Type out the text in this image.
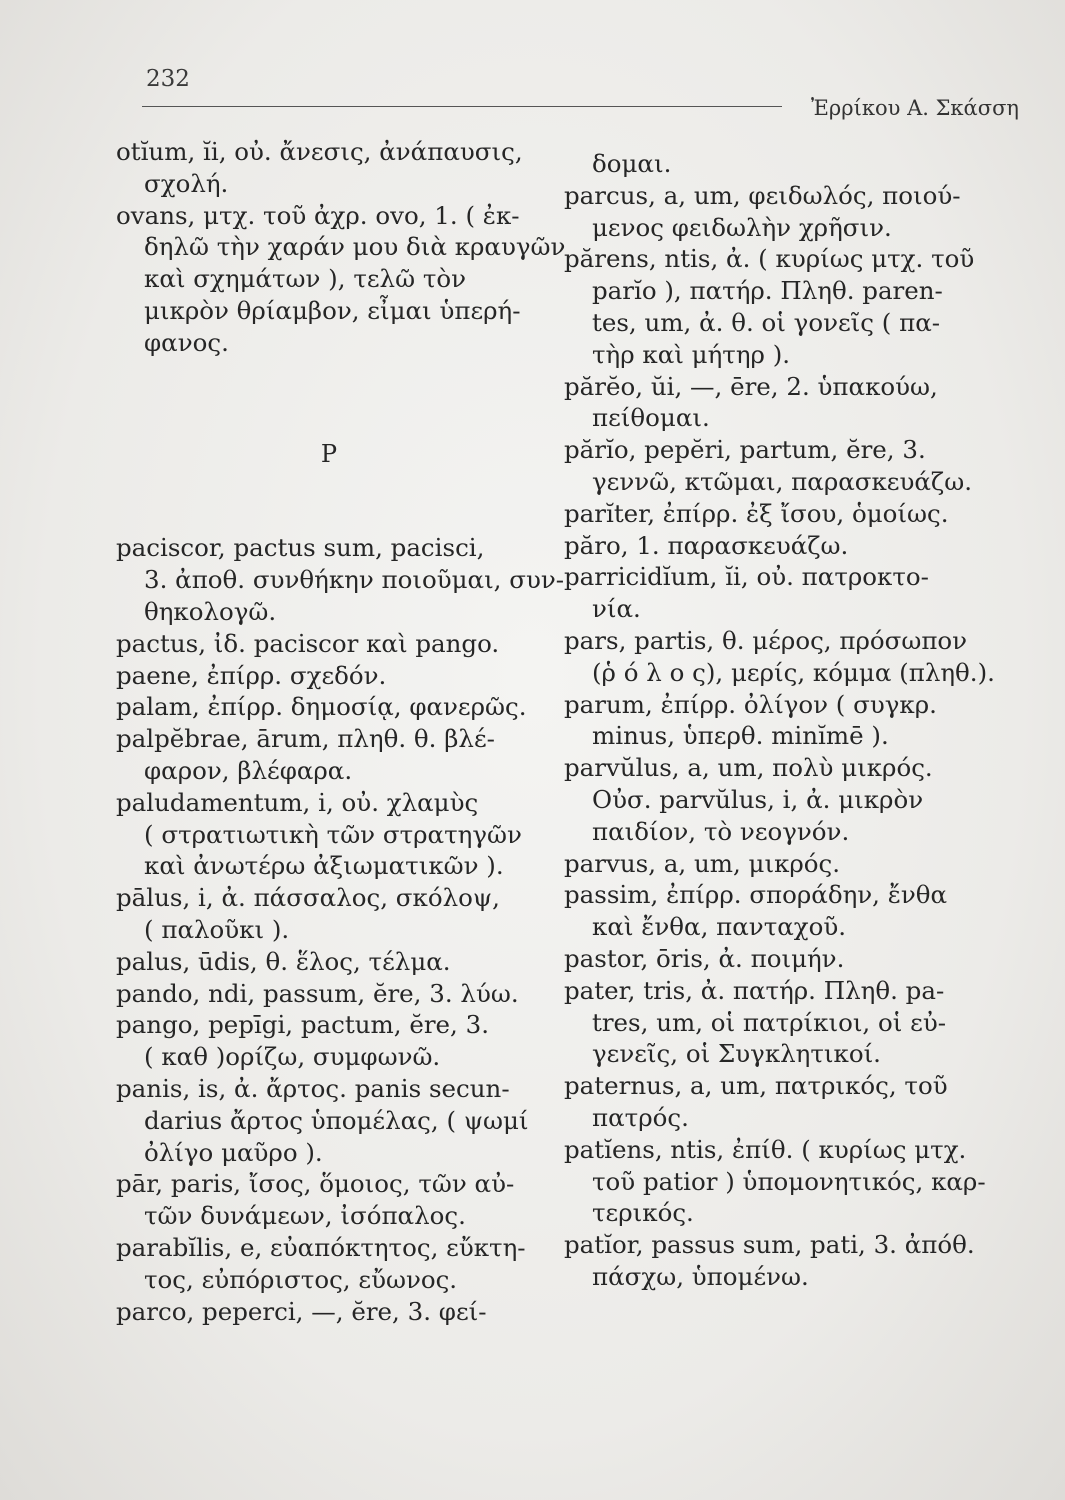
232
Ἐρρίκου Α. Σκάσση
otĭum, ĭi, οὐ. ἄνεσις, ἀνάπαυσις,
σχολή.
ovans, μτχ. τοῦ ἀχρ. ovo, 1. ( ἐκ-
δηλῶ τὴν χαράν μου διὰ κραυγῶν
καὶ σχημάτων ), τελῶ τὸν
μικρὸν θρίαμβον, εἶμαι ὑπερή-
φανος.
P
paciscor, pactus sum, pacisci,
3. ἀποθ. συνθήκην ποιοῦμαι, συν-
θηκολογῶ.
pactus, ἰδ. paciscor καὶ pango.
paene, ἐπίρρ. σχεδόν.
palam, ἐπίρρ. δημοσίᾳ, φανερῶς.
palpĕbrae, ārum, πληθ. θ. βλέ-
φαρον, βλέφαρα.
paludamentum, i, οὐ. χλαμὺς
( στρατιωτικὴ τῶν στρατηγῶν
καὶ ἀνωτέρω ἀξιωματικῶν ).
pālus, i, ἀ. πάσσαλος, σκόλοψ,
( παλοῦκι ).
palus, ūdis, θ. ἕλος, τέλμα.
pando, ndi, passum, ĕre, 3. λύω.
pango, pepīgi, pactum, ĕre, 3.
( καθ )ορίζω, συμφωνῶ.
panis, is, ἀ. ἄρτος. panis secun-
darius ἄρτος ὑπομέλας, ( ψωμί
ὀλίγο μαῦρο ).
pār, paris, ἴσος, ὅμοιος, τῶν αὐ-
τῶν δυνάμεων, ἰσόπαλος.
parabĭlis, e, εὐαπόκτητος, εὔκτη-
τος, εὐπόριστος, εὔωνος.
parco, peperci, —, ĕre, 3. φεί-
δομαι.
parcus, a, um, φειδωλός, ποιού-
μενος φειδωλὴν χρῆσιν.
părens, ntis, ἀ. ( κυρίως μτχ. τοῦ
parĭo ), πατήρ. Πληθ. paren-
tes, um, ἀ. θ. οἱ γονεῖς ( πα-
τὴρ καὶ μήτηρ ).
părĕo, ŭi, —, ēre, 2. ὑπακούω,
πείθομαι.
părĭo, pepĕri, partum, ĕre, 3.
γεννῶ, κτῶμαι, παρασκευάζω.
parĭter, ἐπίρρ. ἐξ ἴσου, ὁμοίως.
păro, 1. παρασκευάζω.
parricidĭum, ĭi, οὐ. πατροκτο-
νία.
pars, partis, θ. μέρος, πρόσωπον
(ῥ ό λ ο ς), μερίς, κόμμα (πληθ.).
parum, ἐπίρρ. ὀλίγον ( συγκρ.
minus, ὑπερθ. minĭmē ).
parvŭlus, a, um, πολὺ μικρός.
Οὐσ. parvŭlus, i, ἀ. μικρὸν
παιδίον, τὸ νεογνόν.
parvus, a, um, μικρός.
passim, ἐπίρρ. σποράδην, ἔνθα
καὶ ἔνθα, πανταχοῦ.
pastor, ōris, ἀ. ποιμήν.
pater, tris, ἀ. πατήρ. Πληθ. pa-
tres, um, οἱ πατρίκιοι, οἱ εὐ-
γενεῖς, οἱ Συγκλητικοί.
paternus, a, um, πατρικός, τοῦ
πατρός.
patĭens, ntis, ἐπίθ. ( κυρίως μτχ.
τοῦ patior ) ὑπομονητικός, καρ-
τερικός.
patĭor, passus sum, pati, 3. ἀπόθ.
πάσχω, ὑπομένω.
